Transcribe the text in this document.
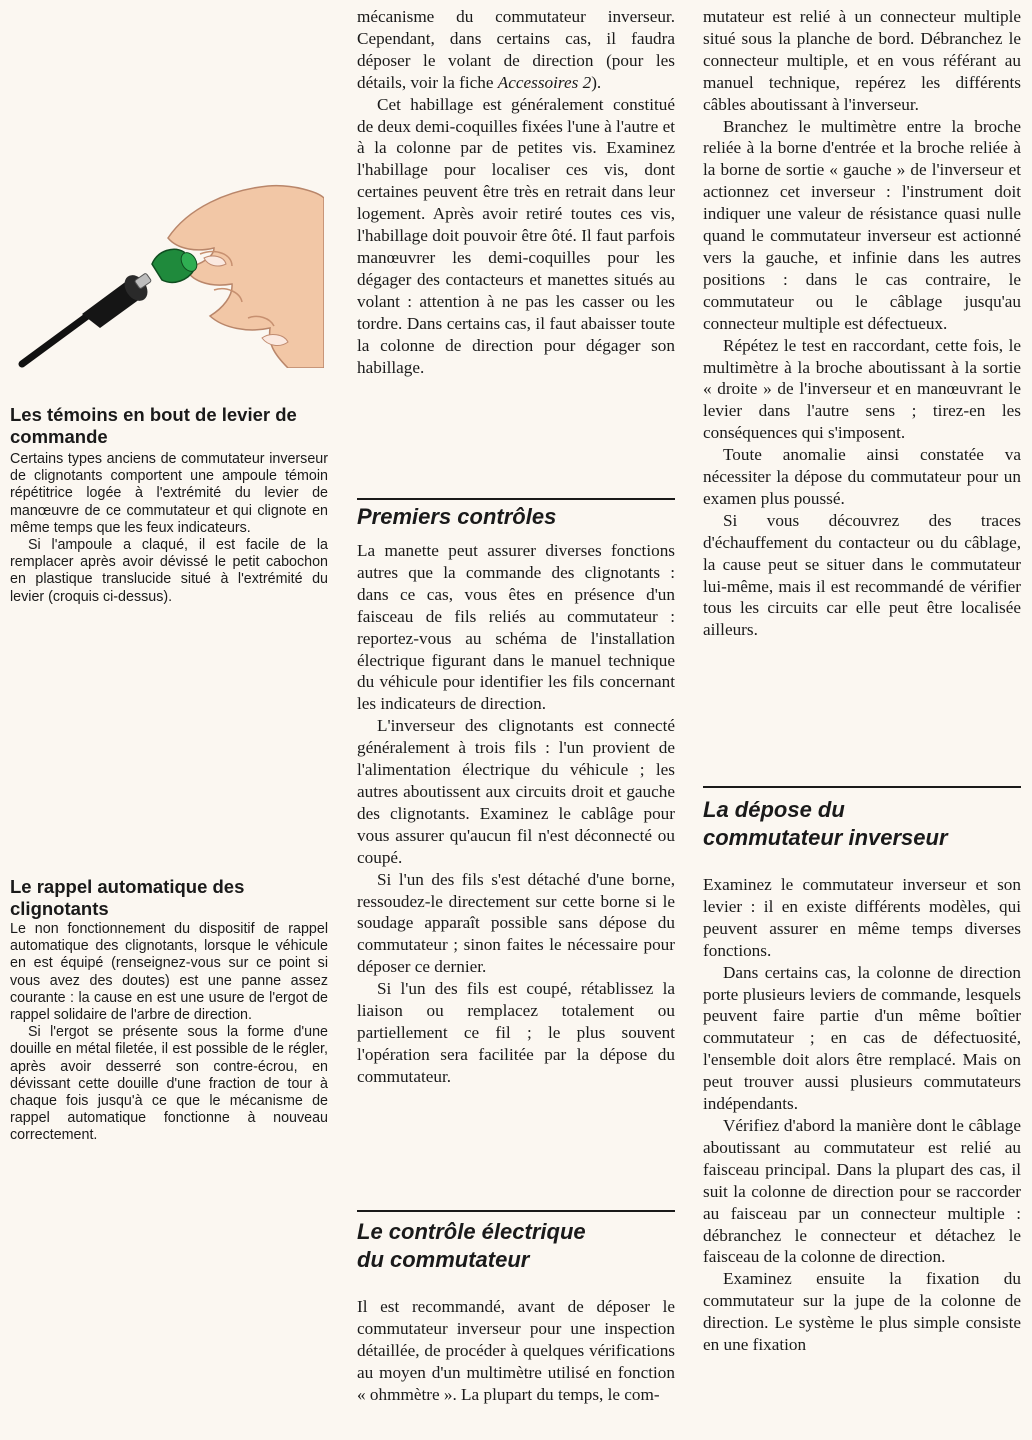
Les témoins en bout de levier de commande

Certains types anciens de commutateur inverseur de clignotants comportent une ampoule témoin répétitrice logée à l'extrémité du levier de manœuvre de ce commutateur et qui clignote en même temps que les feux indicateurs.

Si l'ampoule a claqué, il est facile de la remplacer après avoir dévissé le petit cabochon en plastique translucide situé à l'extrémité du levier (croquis ci-dessus).

Le rappel automatique des clignotants

Le non fonctionnement du dispositif de rappel automatique des clignotants, lorsque le véhicule en est équipé (renseignez-vous sur ce point si vous avez des doutes) est une panne assez courante : la cause en est une usure de l'ergot de rappel solidaire de l'arbre de direction.

Si l'ergot se présente sous la forme d'une douille en métal filetée, il est possible de le régler, après avoir desserré son contre-écrou, en dévissant cette douille d'une fraction de tour à chaque fois jusqu'à ce que le mécanisme de rappel automatique fonctionne à nouveau correctement.

mécanisme du commutateur inverseur. Cependant, dans certains cas, il faudra déposer le volant de direction (pour les détails, voir la fiche Accessoires 2).

Cet habillage est généralement constitué de deux demi-coquilles fixées l'une à l'autre et à la colonne par de petites vis. Examinez l'habillage pour localiser ces vis, dont certaines peuvent être très en retrait dans leur logement. Après avoir retiré toutes ces vis, l'habillage doit pouvoir être ôté. Il faut parfois manœuvrer les demi-coquilles pour les dégager des contacteurs et manettes situés au volant : attention à ne pas les casser ou les tordre. Dans certains cas, il faut abaisser toute la colonne de direction pour dégager son habillage.

Premiers contrôles

La manette peut assurer diverses fonctions autres que la commande des clignotants : dans ce cas, vous êtes en présence d'un faisceau de fils reliés au commutateur : reportez-vous au schéma de l'installation électrique figurant dans le manuel technique du véhicule pour identifier les fils concernant les indicateurs de direction.

L'inverseur des clignotants est connecté généralement à trois fils : l'un provient de l'alimentation électrique du véhicule ; les autres aboutissent aux circuits droit et gauche des clignotants. Examinez le cablâge pour vous assurer qu'aucun fil n'est déconnecté ou coupé.

Si l'un des fils s'est détaché d'une borne, ressoudez-le directement sur cette borne si le soudage apparaît possible sans dépose du commutateur ; sinon faites le nécessaire pour déposer ce dernier.

Si l'un des fils est coupé, rétablissez la liaison ou remplacez totalement ou partiellement ce fil ; le plus souvent l'opération sera facilitée par la dépose du commutateur.

Le contrôle électrique
du commutateur

Il est recommandé, avant de déposer le commutateur inverseur pour une inspection détaillée, de procéder à quelques vérifications au moyen d'un multimètre utilisé en fonction « ohmmètre ». La plupart du temps, le com-

mutateur est relié à un connecteur multiple situé sous la planche de bord. Débranchez le connecteur multiple, et en vous référant au manuel technique, repérez les différents câbles aboutissant à l'inverseur.

Branchez le multimètre entre la broche reliée à la borne d'entrée et la broche reliée à la borne de sortie « gauche » de l'inverseur et actionnez cet inverseur : l'instrument doit indiquer une valeur de résistance quasi nulle quand le commutateur inverseur est actionné vers la gauche, et infinie dans les autres positions : dans le cas contraire, le commutateur ou le câblage jusqu'au connecteur multiple est défectueux.

Répétez le test en raccordant, cette fois, le multimètre à la broche aboutissant à la sortie « droite » de l'inverseur et en manœuvrant le levier dans l'autre sens ; tirez-en les conséquences qui s'imposent.

Toute anomalie ainsi constatée va nécessiter la dépose du commutateur pour un examen plus poussé.

Si vous découvrez des traces d'échauffement du contacteur ou du câblage, la cause peut se situer dans le commutateur lui-même, mais il est recommandé de vérifier tous les circuits car elle peut être localisée ailleurs.

La dépose du
commutateur inverseur

Examinez le commutateur inverseur et son levier : il en existe différents modèles, qui peuvent assurer en même temps diverses fonctions.

Dans certains cas, la colonne de direction porte plusieurs leviers de commande, lesquels peuvent faire partie d'un même boîtier commutateur ; en cas de défectuosité, l'ensemble doit alors être remplacé. Mais on peut trouver aussi plusieurs commutateurs indépendants.

Vérifiez d'abord la manière dont le câblage aboutissant au commutateur est relié au faisceau principal. Dans la plupart des cas, il suit la colonne de direction pour se raccorder au faisceau par un connecteur multiple : débranchez le connecteur et détachez le faisceau de la colonne de direction.

Examinez ensuite la fixation du commutateur sur la jupe de la colonne de direction. Le système le plus simple consiste en une fixation
